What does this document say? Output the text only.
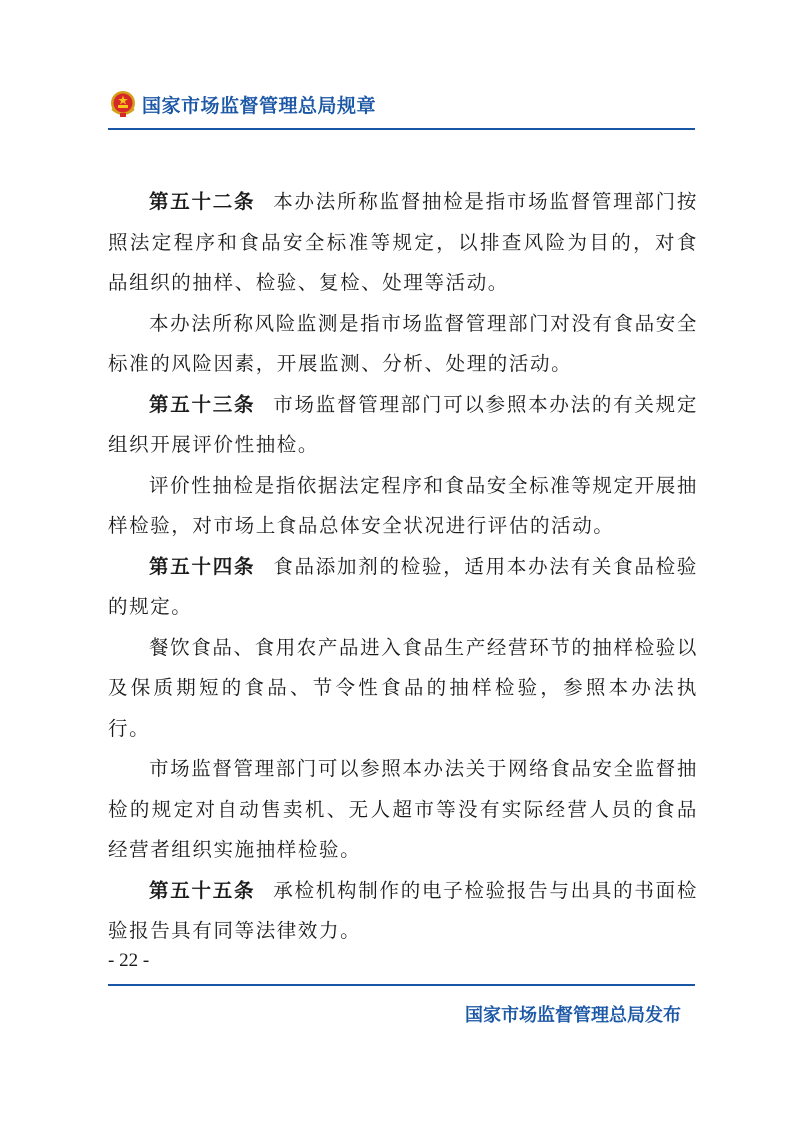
国家市场监督管理总局规章

第五十二条 本办法所称监督抽检是指市场监督管理部门按照法定程序和食品安全标准等规定，以排查风险为目的，对食品组织的抽样、检验、复检、处理等活动。

本办法所称风险监测是指市场监督管理部门对没有食品安全标准的风险因素，开展监测、分析、处理的活动。

第五十三条 市场监督管理部门可以参照本办法的有关规定组织开展评价性抽检。

评价性抽检是指依据法定程序和食品安全标准等规定开展抽样检验，对市场上食品总体安全状况进行评估的活动。

第五十四条 食品添加剂的检验，适用本办法有关食品检验的规定。

餐饮食品、食用农产品进入食品生产经营环节的抽样检验以及保质期短的食品、节令性食品的抽样检验，参照本办法执行。

市场监督管理部门可以参照本办法关于网络食品安全监督抽检的规定对自动售卖机、无人超市等没有实际经营人员的食品经营者组织实施抽样检验。

第五十五条 承检机构制作的电子检验报告与出具的书面检验报告具有同等法律效力。

- 22 -
国家市场监督管理总局发布
